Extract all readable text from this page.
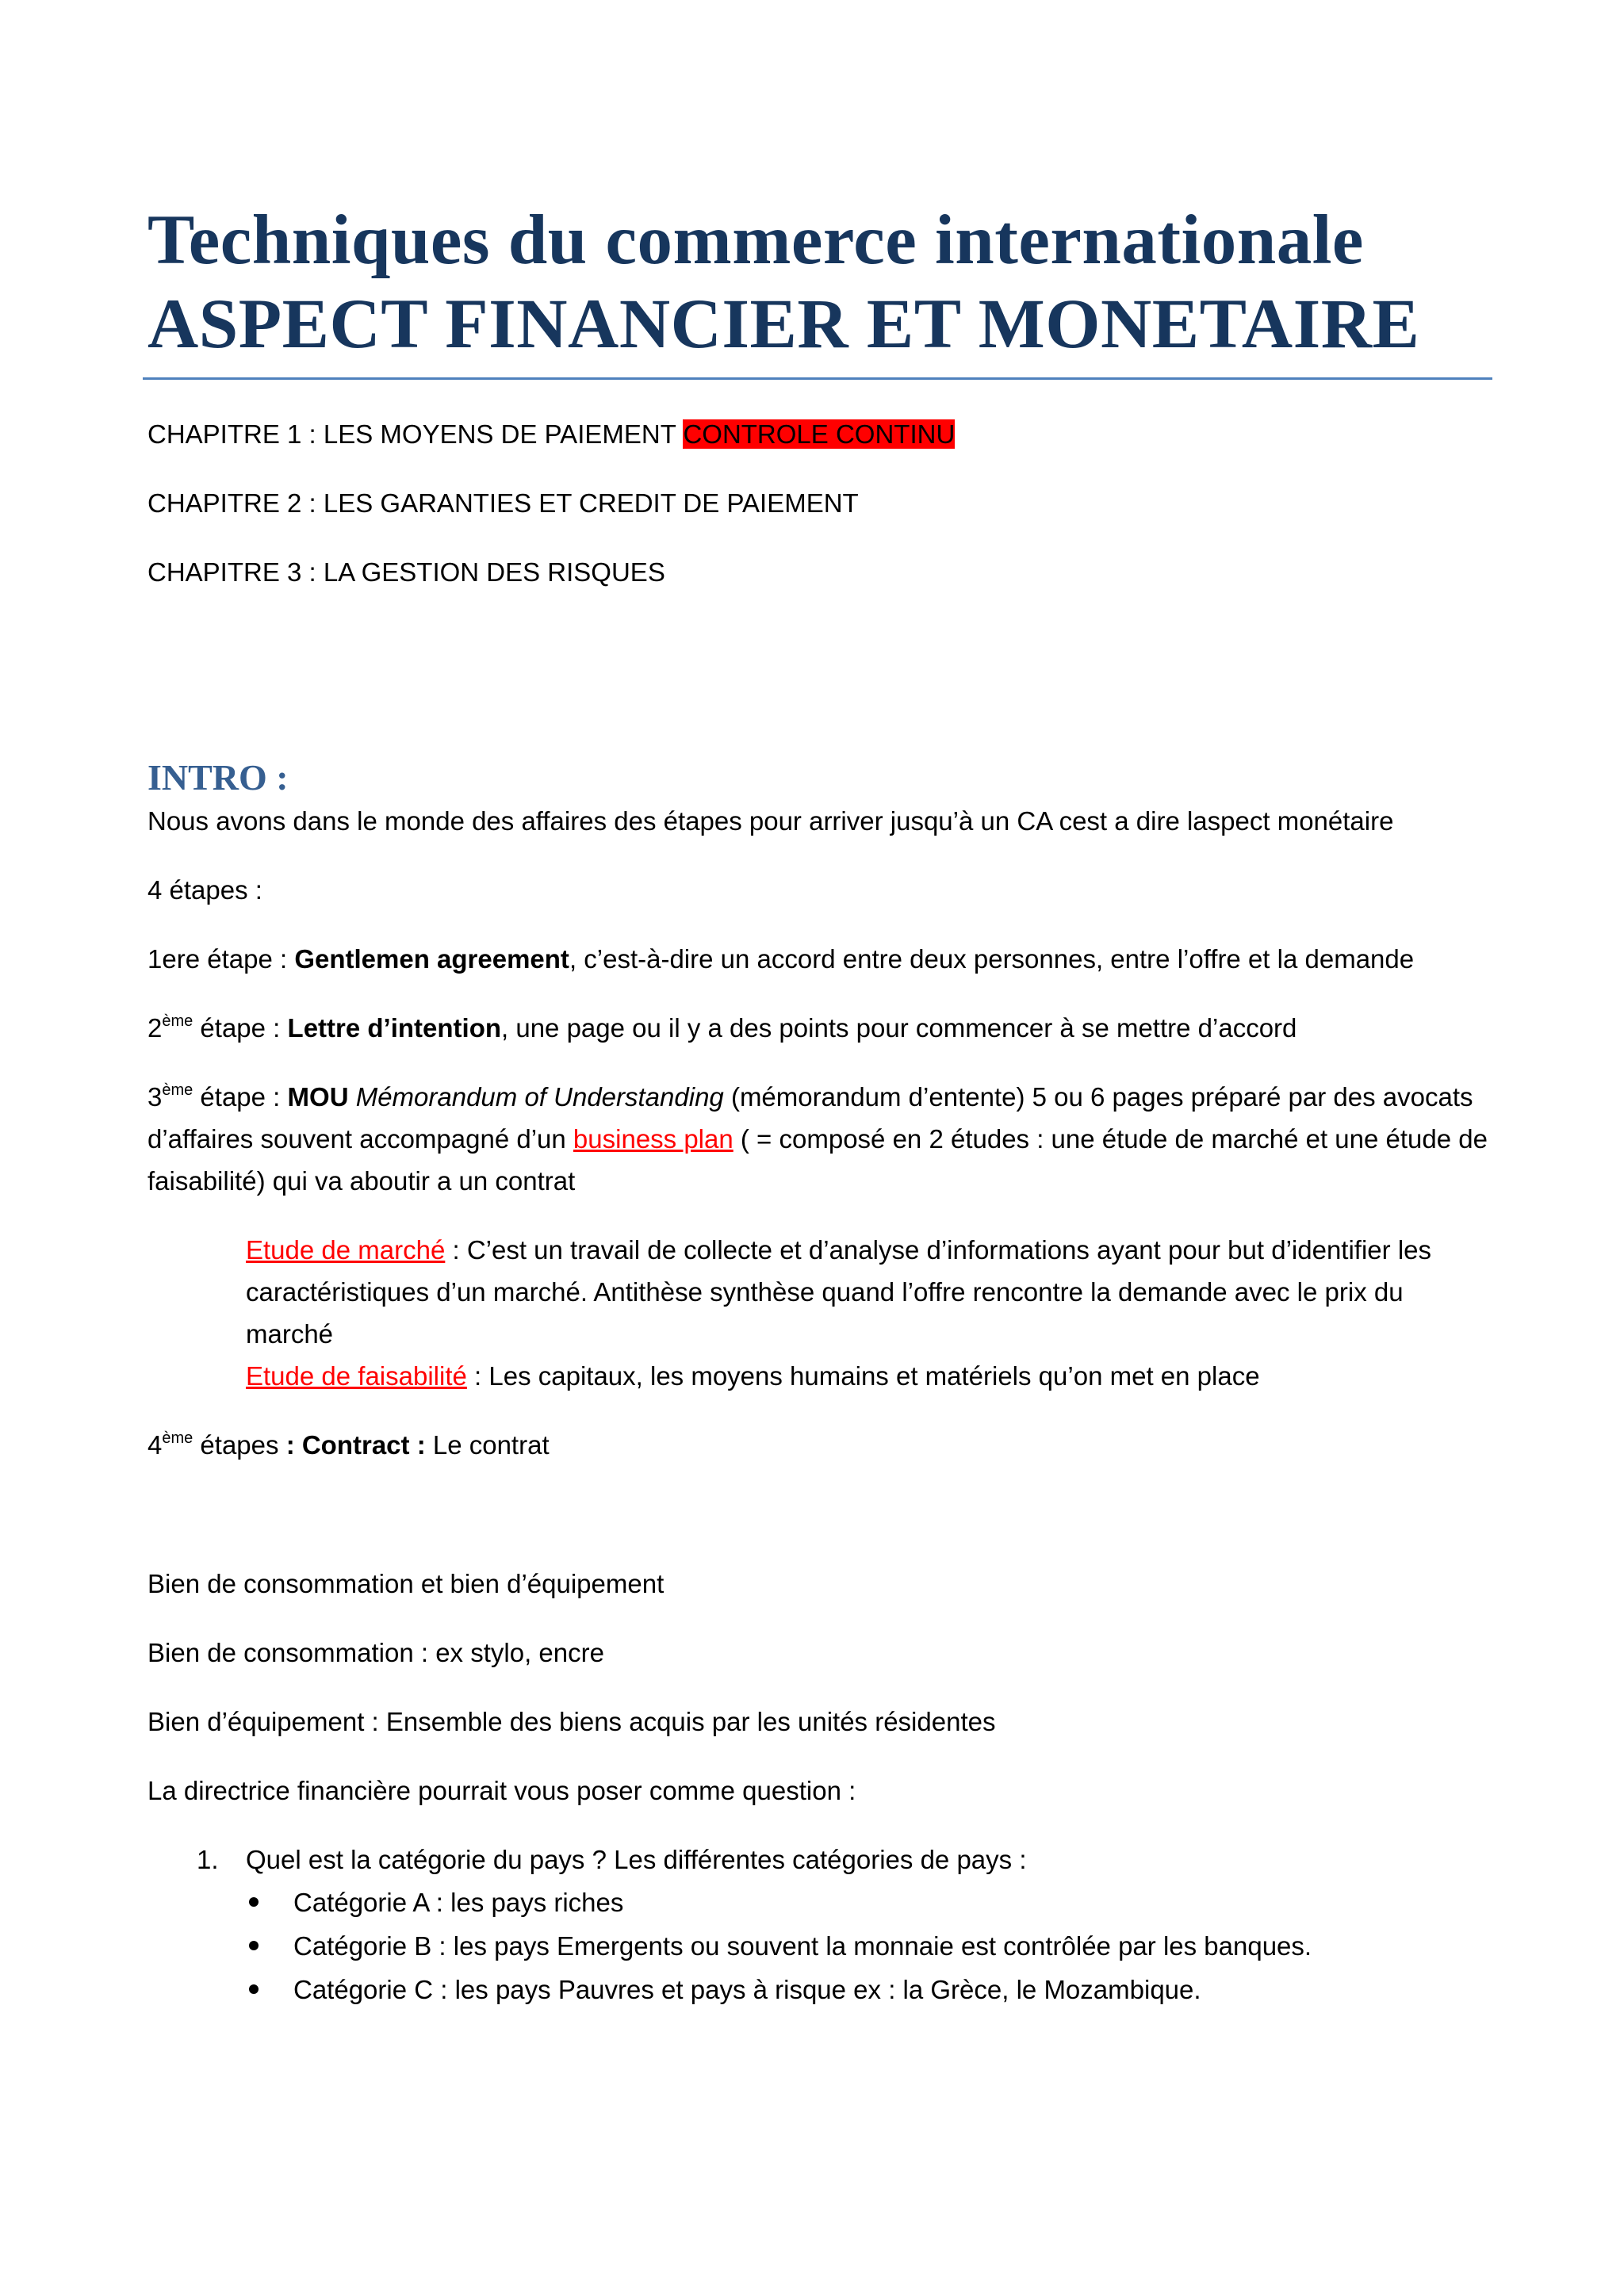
Techniques du commerce internationale
ASPECT FINANCIER ET MONETAIRE

CHAPITRE 1 : LES MOYENS DE PAIEMENT CONTROLE CONTINU

CHAPITRE 2 : LES GARANTIES ET CREDIT DE PAIEMENT

CHAPITRE 3 : LA GESTION DES RISQUES

INTRO :

Nous avons dans le monde des affaires des étapes pour arriver jusqu’à un CA cest a dire laspect monétaire

4 étapes :

1ere étape : Gentlemen agreement, c’est-à-dire un accord entre deux personnes, entre l’offre et la demande

2ème étape : Lettre d’intention, une page ou il y a des points pour commencer à se mettre d’accord

3ème étape : MOU Mémorandum of Understanding (mémorandum d’entente) 5 ou 6 pages préparé par des avocats d’affaires souvent accompagné d’un business plan ( = composé en 2 études : une étude de marché et une étude de faisabilité) qui va aboutir a un contrat

Etude de marché : C’est un travail de collecte et d’analyse d’informations ayant pour but d’identifier les caractéristiques d’un marché. Antithèse synthèse quand l’offre rencontre la demande avec le prix du marché

Etude de faisabilité : Les capitaux, les moyens humains et matériels qu’on met en place

4ème étapes : Contract : Le contrat

Bien de consommation et bien d’équipement

Bien de consommation : ex stylo, encre

Bien d’équipement : Ensemble des biens acquis par les unités résidentes

La directrice financière pourrait vous poser comme question :

1. Quel est la catégorie du pays ? Les différentes catégories de pays :

Catégorie A : les pays riches
Catégorie B : les pays Emergents ou souvent la monnaie est contrôlée par les banques.
Catégorie C : les pays Pauvres et pays à risque ex : la Grèce, le Mozambique.
